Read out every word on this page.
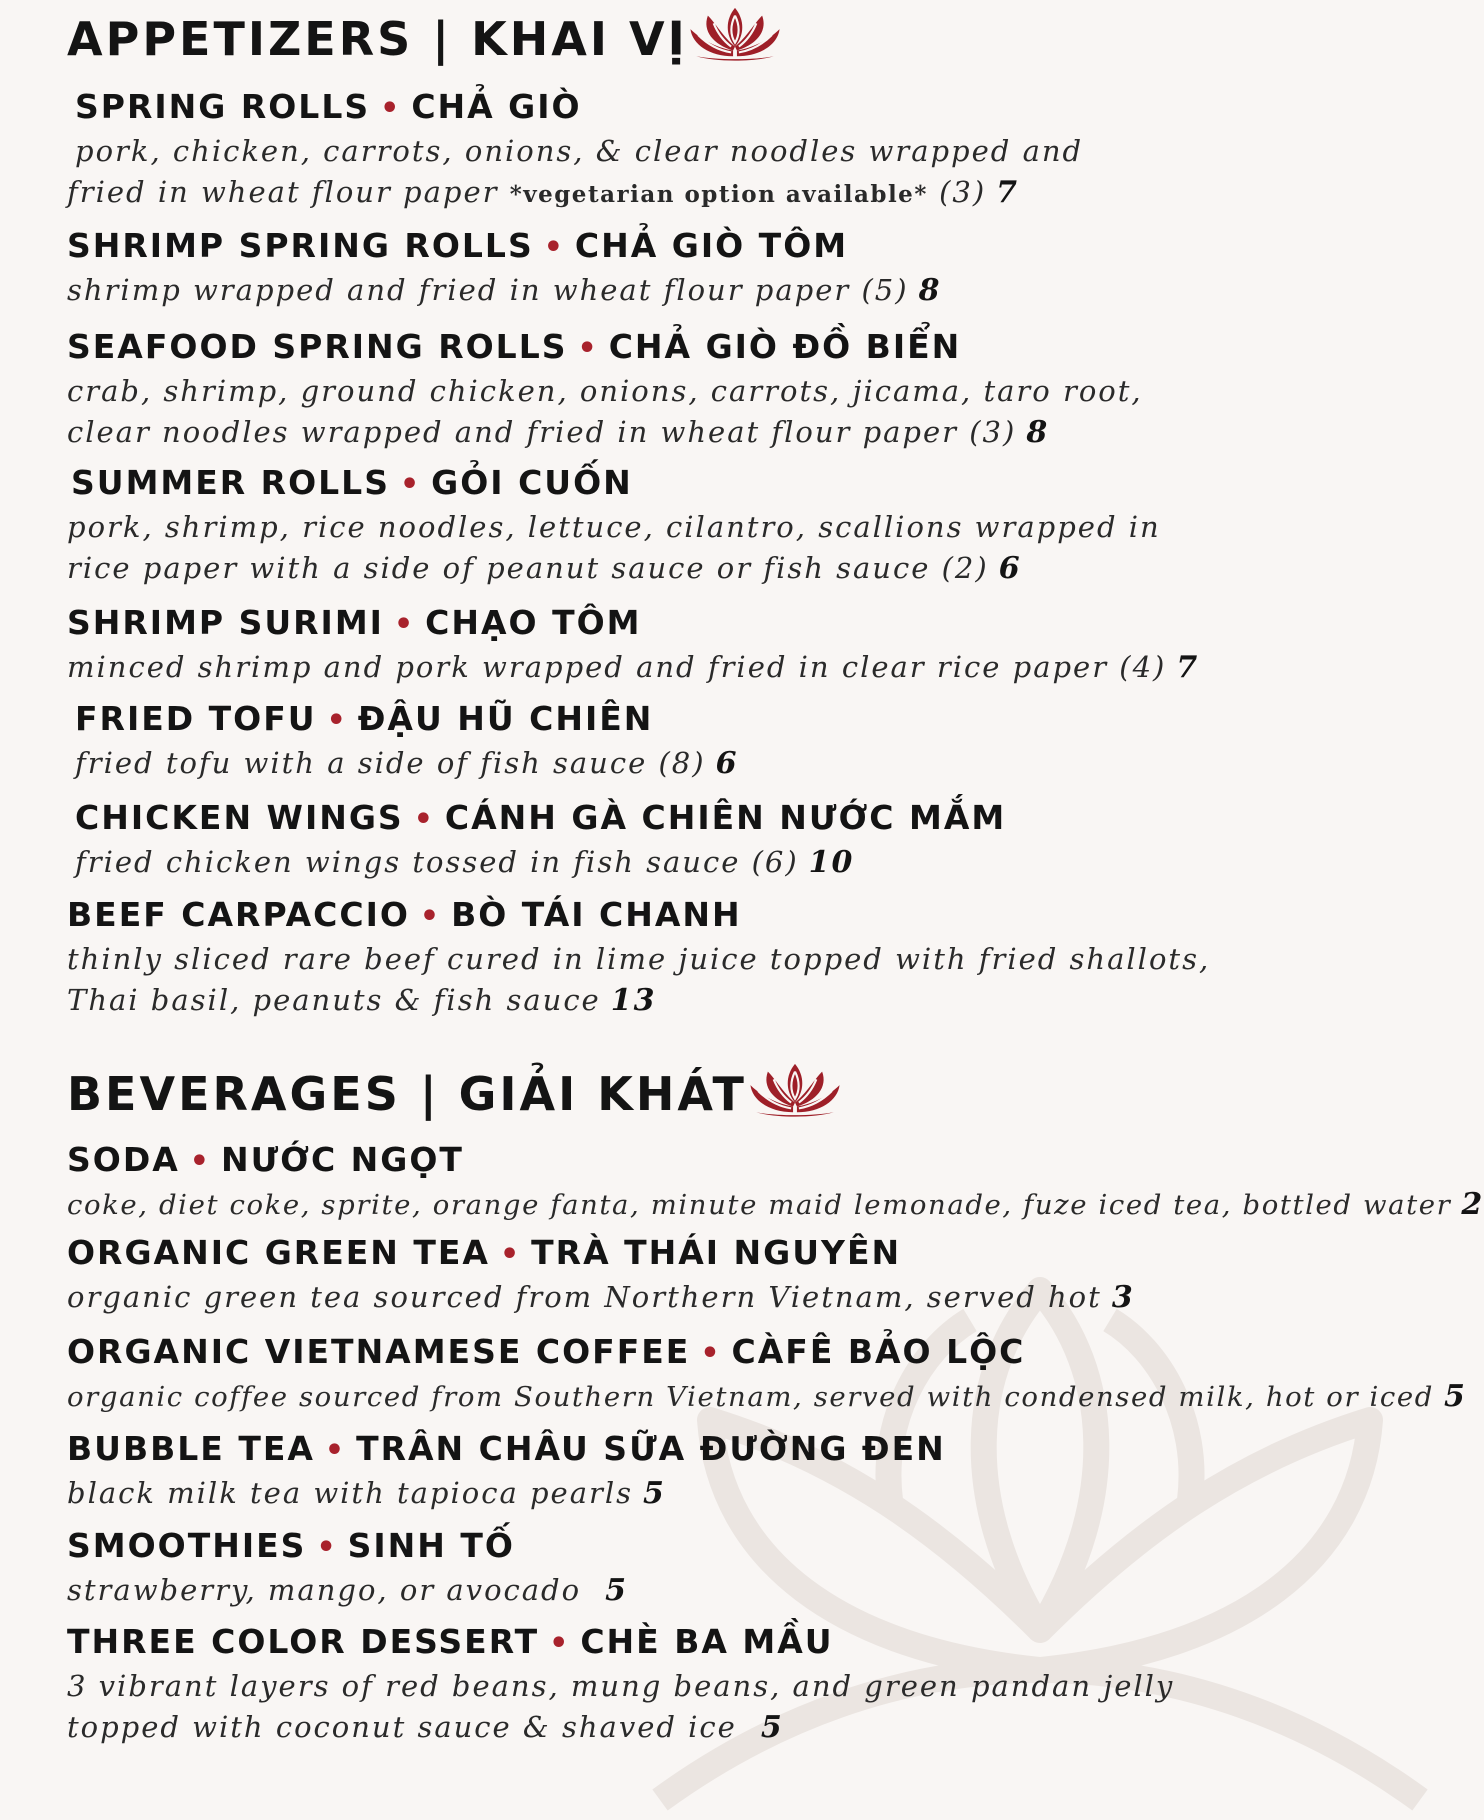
APPETIZERS | KHAI VỊ
SPRING ROLLS • CHẢ GIÒ
pork, chicken, carrots, onions, & clear noodles wrapped and
fried in wheat flour paper *vegetarian option available* (3) 7
SHRIMP SPRING ROLLS • CHẢ GIÒ TÔM
shrimp wrapped and fried in wheat flour paper (5) 8
SEAFOOD SPRING ROLLS • CHẢ GIÒ ĐỒ BIỂN
crab, shrimp, ground chicken, onions, carrots, jicama, taro root,
clear noodles wrapped and fried in wheat flour paper (3) 8
SUMMER ROLLS • GỎI CUỐN
pork, shrimp, rice noodles, lettuce, cilantro, scallions wrapped in
rice paper with a side of peanut sauce or fish sauce (2) 6
SHRIMP SURIMI • CHẠO TÔM
minced shrimp and pork wrapped and fried in clear rice paper (4) 7
FRIED TOFU • ĐẬU HŨ CHIÊN
fried tofu with a side of fish sauce (8) 6
CHICKEN WINGS • CÁNH GÀ CHIÊN NƯỚC MẮM
fried chicken wings tossed in fish sauce (6) 10
BEEF CARPACCIO • BÒ TÁI CHANH
thinly sliced rare beef cured in lime juice topped with fried shallots,
Thai basil, peanuts & fish sauce 13
BEVERAGES | GIẢI KHÁT
SODA • NƯỚC NGỌT
coke, diet coke, sprite, orange fanta, minute maid lemonade, fuze iced tea, bottled water 2
ORGANIC GREEN TEA • TRÀ THÁI NGUYÊN
organic green tea sourced from Northern Vietnam, served hot 3
ORGANIC VIETNAMESE COFFEE • CÀFÊ BẢO LỘC
organic coffee sourced from Southern Vietnam, served with condensed milk, hot or iced 5
BUBBLE TEA • TRÂN CHÂU SỮA ĐƯỜNG ĐEN
black milk tea with tapioca pearls 5
SMOOTHIES • SINH TỐ
strawberry, mango, or avocado 5
THREE COLOR DESSERT • CHÈ BA MẦU
3 vibrant layers of red beans, mung beans, and green pandan jelly
topped with coconut sauce & shaved ice 5
